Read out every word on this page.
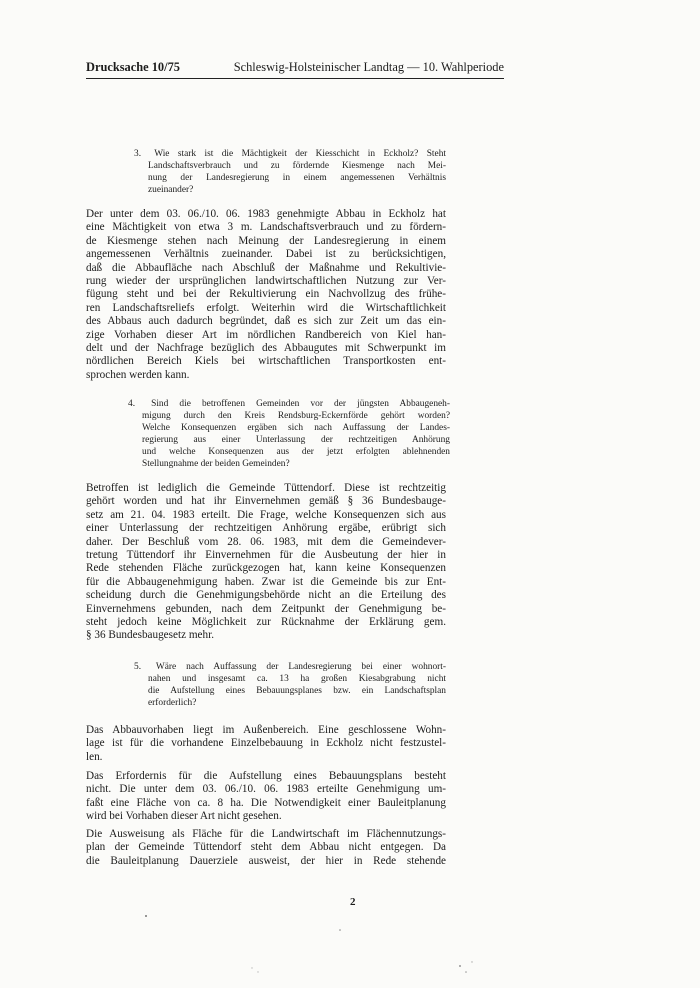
Drucksache 10/75	Schleswig-Holsteinischer Landtag — 10. Wahlperiode
3. Wie stark ist die Mächtigkeit der Kiesschicht in Eckholz? Steht
Landschaftsverbrauch und zu fördernde Kiesmenge nach Mei-
nung der Landesregierung in einem angemessenen Verhältnis
zueinander?
Der unter dem 03. 06./10. 06. 1983 genehmigte Abbau in Eckholz hat
eine Mächtigkeit von etwa 3 m. Landschaftsverbrauch und zu fördern-
de Kiesmenge stehen nach Meinung der Landesregierung in einem
angemessenen Verhältnis zueinander. Dabei ist zu berücksichtigen,
daß die Abbaufläche nach Abschluß der Maßnahme und Rekultivie-
rung wieder der ursprünglichen landwirtschaftlichen Nutzung zur Ver-
fügung steht und bei der Rekultivierung ein Nachvollzug des frühe-
ren Landschaftsreliefs erfolgt. Weiterhin wird die Wirtschaftlichkeit
des Abbaus auch dadurch begründet, daß es sich zur Zeit um das ein-
zige Vorhaben dieser Art im nördlichen Randbereich von Kiel han-
delt und der Nachfrage bezüglich des Abbaugutes mit Schwerpunkt im
nördlichen Bereich Kiels bei wirtschaftlichen Transportkosten ent-
sprochen werden kann.
4. Sind die betroffenen Gemeinden vor der jüngsten Abbaugeneh-
migung durch den Kreis Rendsburg-Eckernförde gehört worden?
Welche Konsequenzen ergäben sich nach Auffassung der Landes-
regierung aus einer Unterlassung der rechtzeitigen Anhörung
und welche Konsequenzen aus der jetzt erfolgten ablehnenden
Stellungnahme der beiden Gemeinden?
Betroffen ist lediglich die Gemeinde Tüttendorf. Diese ist rechtzeitig
gehört worden und hat ihr Einvernehmen gemäß § 36 Bundesbauge-
setz am 21. 04. 1983 erteilt. Die Frage, welche Konsequenzen sich aus
einer Unterlassung der rechtzeitigen Anhörung ergäbe, erübrigt sich
daher. Der Beschluß vom 28. 06. 1983, mit dem die Gemeindever-
tretung Tüttendorf ihr Einvernehmen für die Ausbeutung der hier in
Rede stehenden Fläche zurückgezogen hat, kann keine Konsequenzen
für die Abbaugenehmigung haben. Zwar ist die Gemeinde bis zur Ent-
scheidung durch die Genehmigungsbehörde nicht an die Erteilung des
Einvernehmens gebunden, nach dem Zeitpunkt der Genehmigung be-
steht jedoch keine Möglichkeit zur Rücknahme der Erklärung gem.
§ 36 Bundesbaugesetz mehr.
5. Wäre nach Auffassung der Landesregierung bei einer wohnort-
nahen und insgesamt ca. 13 ha großen Kiesabgrabung nicht
die Aufstellung eines Bebauungsplanes bzw. ein Landschaftsplan
erforderlich?
Das Abbauvorhaben liegt im Außenbereich. Eine geschlossene Wohn-
lage ist für die vorhandene Einzelbebauung in Eckholz nicht festzustel-
len.
Das Erfordernis für die Aufstellung eines Bebauungsplans besteht
nicht. Die unter dem 03. 06./10. 06. 1983 erteilte Genehmigung um-
faßt eine Fläche von ca. 8 ha. Die Notwendigkeit einer Bauleitplanung
wird bei Vorhaben dieser Art nicht gesehen.
Die Ausweisung als Fläche für die Landwirtschaft im Flächennutzungs-
plan der Gemeinde Tüttendorf steht dem Abbau nicht entgegen. Da
die Bauleitplanung Dauerziele ausweist, der hier in Rede stehende
2
